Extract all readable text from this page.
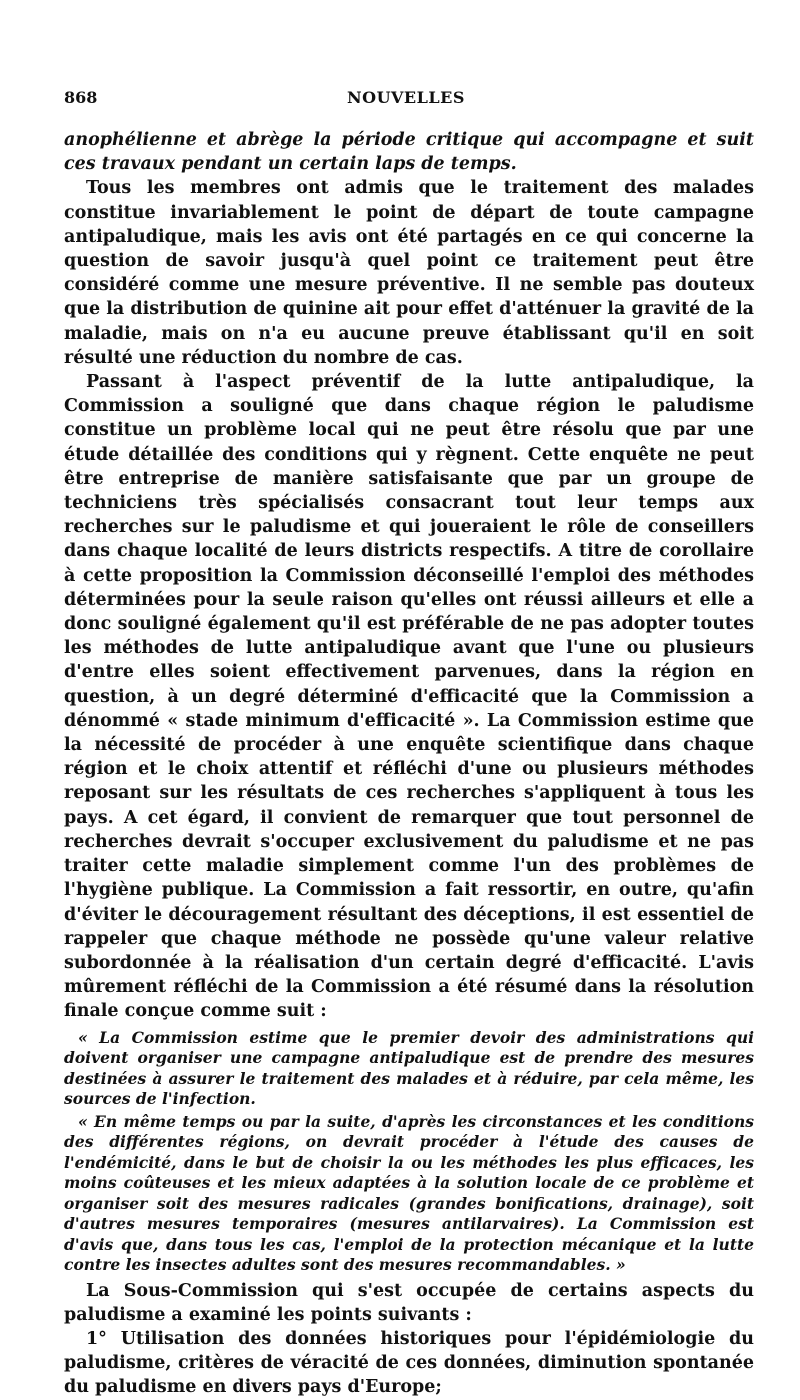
868	NOUVELLES

anophélienne et abrège la période critique qui accompagne et suit ces travaux pendant un certain laps de temps.

Tous les membres ont admis que le traitement des malades constitue invariablement le point de départ de toute campagne antipaludique, mais les avis ont été partagés en ce qui concerne la question de savoir jusqu'à quel point ce traitement peut être considéré comme une mesure préventive. Il ne semble pas douteux que la distribution de quinine ait pour effet d'atténuer la gravité de la maladie, mais on n'a eu aucune preuve établissant qu'il en soit résulté une réduction du nombre de cas.

Passant à l'aspect préventif de la lutte antipaludique, la Commission a souligné que dans chaque région le paludisme constitue un problème local qui ne peut être résolu que par une étude détaillée des conditions qui y règnent. Cette enquête ne peut être entreprise de manière satisfaisante que par un groupe de techniciens très spécialisés consacrant tout leur temps aux recherches sur le paludisme et qui joueraient le rôle de conseillers dans chaque localité de leurs districts respectifs. A titre de corollaire à cette proposition la Commission déconseillé l'emploi des méthodes déterminées pour la seule raison qu'elles ont réussi ailleurs et elle a donc souligné également qu'il est préférable de ne pas adopter toutes les méthodes de lutte antipaludique avant que l'une ou plusieurs d'entre elles soient effectivement parvenues, dans la région en question, à un degré déterminé d'efficacité que la Commission a dénommé « stade minimum d'efficacité ». La Commission estime que la nécessité de procéder à une enquête scientifique dans chaque région et le choix attentif et réfléchi d'une ou plusieurs méthodes reposant sur les résultats de ces recherches s'appliquent à tous les pays. A cet égard, il convient de remarquer que tout personnel de recherches devrait s'occuper exclusivement du paludisme et ne pas traiter cette maladie simplement comme l'un des problèmes de l'hygiène publique. La Commission a fait ressortir, en outre, qu'afin d'éviter le découragement résultant des déceptions, il est essentiel de rappeler que chaque méthode ne possède qu'une valeur relative subordonnée à la réalisation d'un certain degré d'efficacité. L'avis mûrement réfléchi de la Commission a été résumé dans la résolution finale conçue comme suit :

« La Commission estime que le premier devoir des administrations qui doivent organiser une campagne antipaludique est de prendre des mesures destinées à assurer le traitement des malades et à réduire, par cela même, les sources de l'infection.

« En même temps ou par la suite, d'après les circonstances et les conditions des différentes régions, on devrait procéder à l'étude des causes de l'endémicité, dans le but de choisir la ou les méthodes les plus efficaces, les moins coûteuses et les mieux adaptées à la solution locale de ce problème et organiser soit des mesures radicales (grandes bonifications, drainage), soit d'autres mesures temporaires (mesures antilarvaires). La Commission est d'avis que, dans tous les cas, l'emploi de la protection mécanique et la lutte contre les insectes adultes sont des mesures recommandables. »

La Sous-Commission qui s'est occupée de certains aspects du paludisme a examiné les points suivants :

1° Utilisation des données historiques pour l'épidémiologie du paludisme, critères de véracité de ces données, diminution spontanée du paludisme en divers pays d'Europe;
